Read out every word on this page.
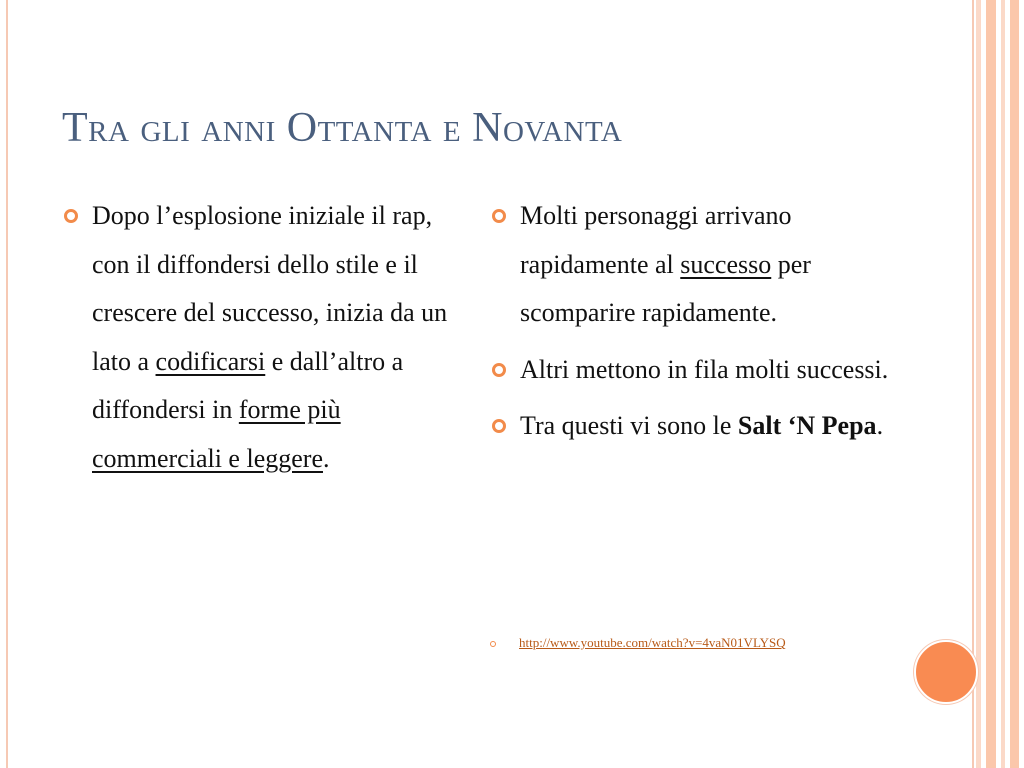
Tra gli anni Ottanta e Novanta
Dopo l’esplosione iniziale il rap, con il diffondersi dello stile e il crescere del successo, inizia da un lato a codificarsi e dall’altro a diffondersi in forme più commerciali e leggere.
Molti personaggi arrivano rapidamente al successo per scomparire rapidamente.
Altri mettono in fila molti successi.
Tra questi vi sono le Salt ‘N Pepa.
http://www.youtube.com/watch?v=4vaN01VLYSQ
